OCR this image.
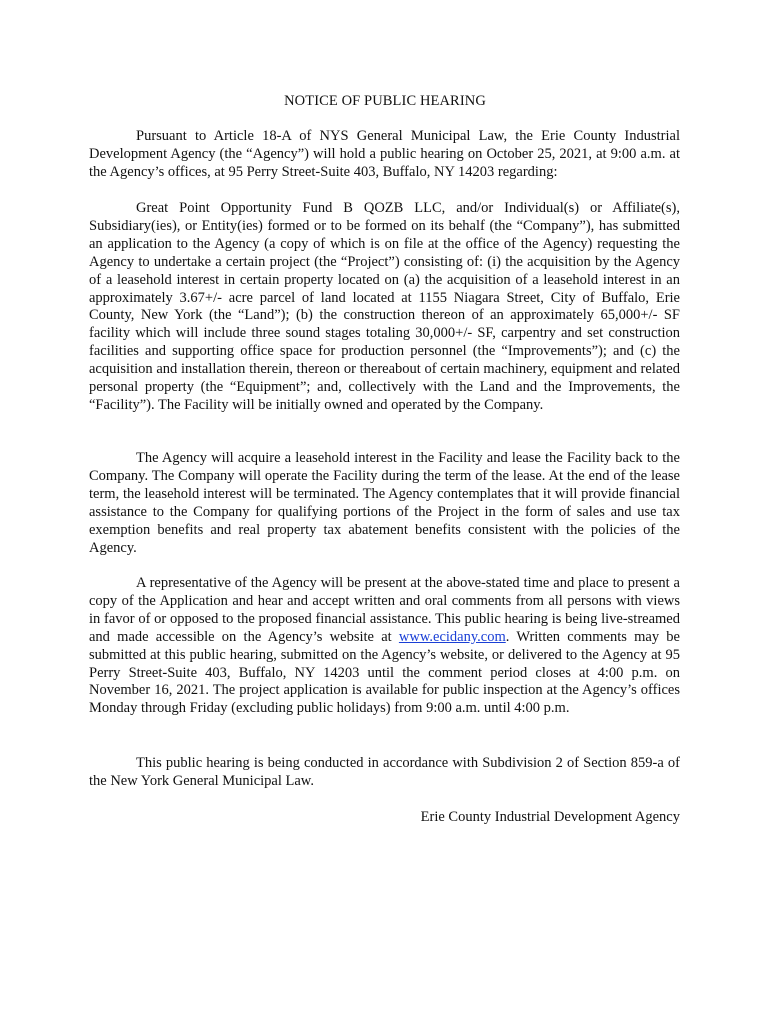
NOTICE OF PUBLIC HEARING

Pursuant to Article 18-A of NYS General Municipal Law, the Erie County Industrial Development Agency (the “Agency”) will hold a public hearing on October 25, 2021, at 9:00 a.m. at the Agency’s offices, at 95 Perry Street-Suite 403, Buffalo, NY 14203 regarding:

Great Point Opportunity Fund B QOZB LLC, and/or Individual(s) or Affiliate(s), Subsidiary(ies), or Entity(ies) formed or to be formed on its behalf (the “Company”), has submitted an application to the Agency (a copy of which is on file at the office of the Agency) requesting the Agency to undertake a certain project (the “Project”) consisting of: (i) the acquisition by the Agency of a leasehold interest in certain property located on (a) the acquisition of a leasehold interest in an approximately 3.67+/- acre parcel of land located at 1155 Niagara Street, City of Buffalo, Erie County, New York (the “Land”); (b) the construction thereon of an approximately 65,000+/- SF facility which will include three sound stages totaling 30,000+/- SF, carpentry and set construction facilities and supporting office space for production personnel (the “Improvements”); and (c) the acquisition and installation therein, thereon or thereabout of certain machinery, equipment and related personal property (the “Equipment”; and, collectively with the Land and the Improvements, the “Facility”). The Facility will be initially owned and operated by the Company.

The Agency will acquire a leasehold interest in the Facility and lease the Facility back to the Company. The Company will operate the Facility during the term of the lease. At the end of the lease term, the leasehold interest will be terminated. The Agency contemplates that it will provide financial assistance to the Company for qualifying portions of the Project in the form of sales and use tax exemption benefits and real property tax abatement benefits consistent with the policies of the Agency.

A representative of the Agency will be present at the above-stated time and place to present a copy of the Application and hear and accept written and oral comments from all persons with views in favor of or opposed to the proposed financial assistance. This public hearing is being live-streamed and made accessible on the Agency’s website at www.ecidany.com. Written comments may be submitted at this public hearing, submitted on the Agency’s website, or delivered to the Agency at 95 Perry Street-Suite 403, Buffalo, NY 14203 until the comment period closes at 4:00 p.m. on November 16, 2021. The project application is available for public inspection at the Agency’s offices Monday through Friday (excluding public holidays) from 9:00 a.m. until 4:00 p.m.

This public hearing is being conducted in accordance with Subdivision 2 of Section 859-a of the New York General Municipal Law.

Erie County Industrial Development Agency
